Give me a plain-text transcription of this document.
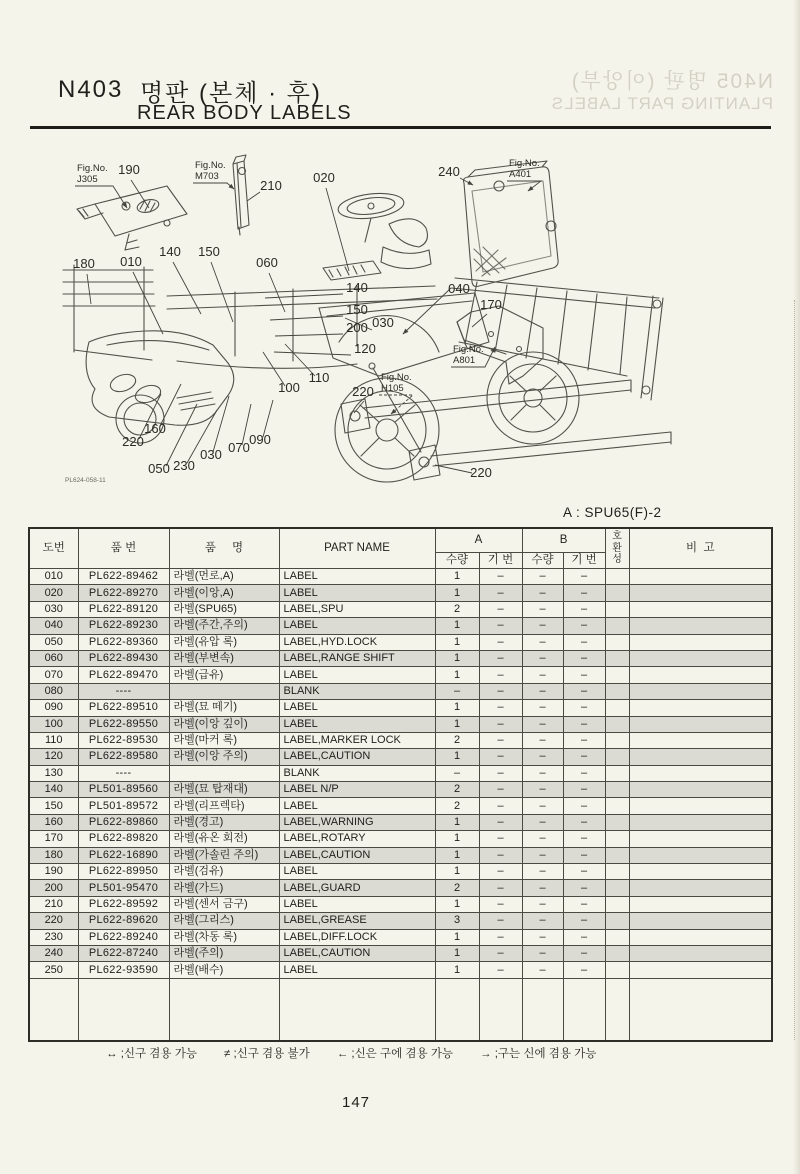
N403 명판 (본체 · 후)
REAR BODY LABELS
N405 명판 (이앙부)
PLANTING PART LABELS
190
210
020	240
180 010
140 150
060
140
150
200 030
120
110
100
040
170
220
160
220
050 230
030 070
090
220
Fig.No.
J305
Fig.No.
M703
Fig.No.
A401
Fig.No.
A801
Fig.No.
H105
PL624-058-11
A : SPU65(F)-2
도번	품 번	품     명	PART NAME	A		B		호
환
성	비  고
				수량	기 번	수량	기 번		
010	PL622-89462	라벨(먼로,A)	LABEL	1	–	–	–		
020	PL622-89270	라벨(이앙,A)	LABEL	1	–	–	–		
030	PL622-89120	라벨(SPU65)	LABEL,SPU	2	–	–	–		
040	PL622-89230	라벨(주간,주의)	LABEL	1	–	–	–		
050	PL622-89360	라벨(유압 록)	LABEL,HYD.LOCK	1	–	–	–		
060	PL622-89430	라벨(부변속)	LABEL,RANGE SHIFT	1	–	–	–		
070	PL622-89470	라벨(급유)	LABEL	1	–	–	–		
080	----		BLANK	–	–	–	–		
090	PL622-89510	라벨(묘 떼기)	LABEL	1	–	–	–		
100	PL622-89550	라벨(이앙 깊이)	LABEL	1	–	–	–		
110	PL622-89530	라벨(마커 록)	LABEL,MARKER LOCK	2	–	–	–		
120	PL622-89580	라벨(이앙 주의)	LABEL,CAUTION	1	–	–	–		
130	----		BLANK	–	–	–	–		
140	PL501-89560	라벨(묘 탑재대)	LABEL N/P	2	–	–	–		
150	PL501-89572	라벨(리프렉타)	LABEL	2	–	–	–		
160	PL622-89860	라벨(경고)	LABEL,WARNING	1	–	–	–		
170	PL622-89820	라벨(유온 회전)	LABEL,ROTARY	1	–	–	–		
180	PL622-16890	라벨(가솔린 주의)	LABEL,CAUTION	1	–	–	–		
190	PL622-89950	라벨(검유)	LABEL	1	–	–	–		
200	PL501-95470	라벨(가드)	LABEL,GUARD	2	–	–	–		
210	PL622-89592	라벨(센서 금구)	LABEL	1	–	–	–		
220	PL622-89620	라벨(그리스)	LABEL,GREASE	3	–	–	–		
230	PL622-89240	라벨(차동 록)	LABEL,DIFF.LOCK	1	–	–	–		
240	PL622-87240	라벨(주의)	LABEL,CAUTION	1	–	–	–		
250	PL622-93590	라벨(배수)	LABEL	1	–	–	–		

↔ ;신구 겸용 가능 ≠ ;신구 겸용 불가 ← ;신은 구에 겸용 가능 → ;구는 신에 겸용 가능
147
